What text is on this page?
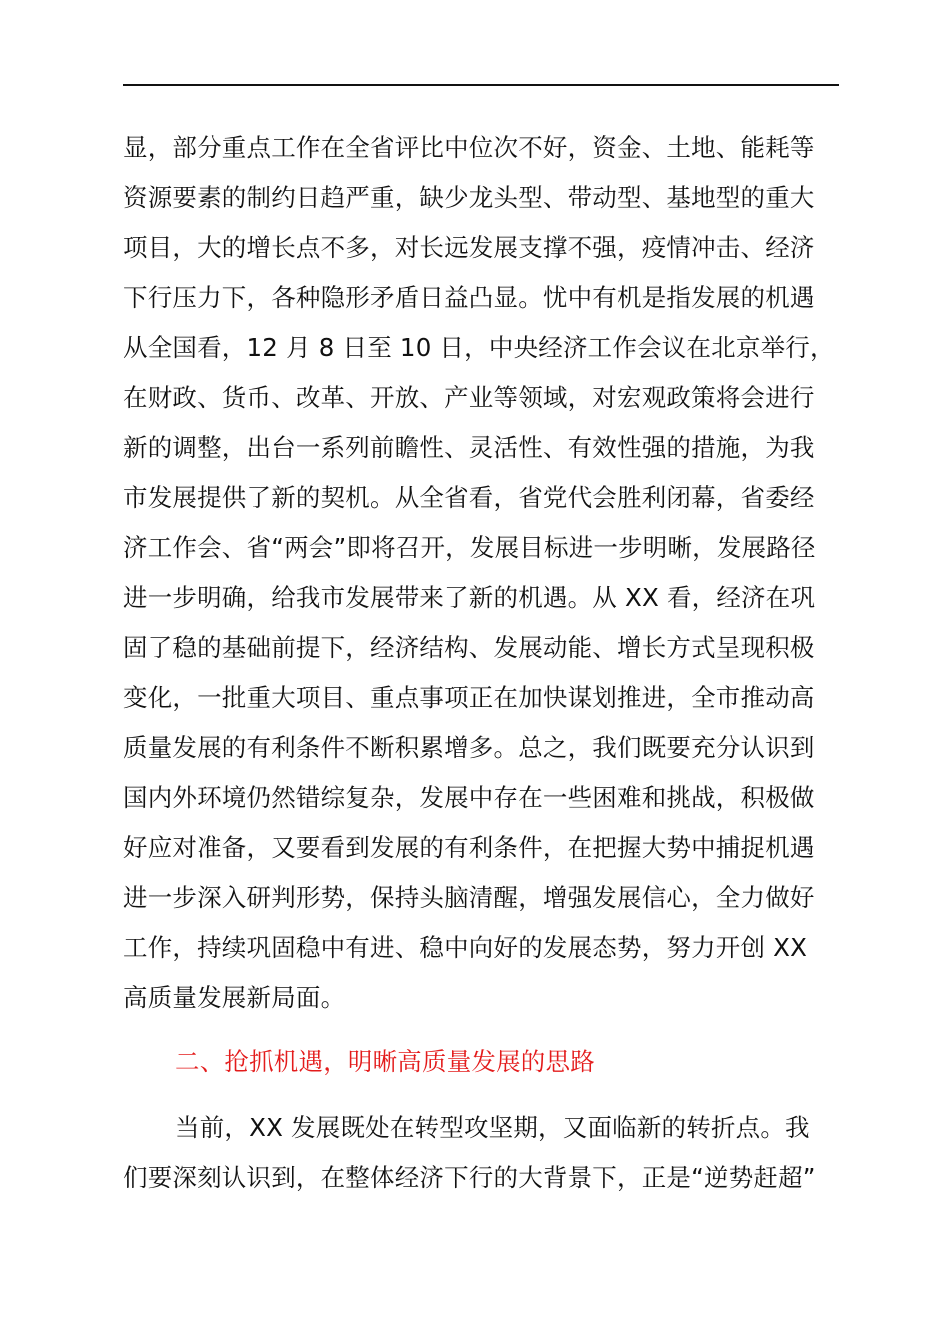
显，部分重点工作在全省评比中位次不好，资金、土地、能耗等
资源要素的制约日趋严重，缺少龙头型、带动型、基地型的重大
项目，大的增长点不多，对长远发展支撑不强，疫情冲击、经济
下行压力下，各种隐形矛盾日益凸显。忧中有机是指发展的机遇
从全国看，12 月 8 日至 10 日，中央经济工作会议在北京举行，
在财政、货币、改革、开放、产业等领域，对宏观政策将会进行
新的调整，出台一系列前瞻性、灵活性、有效性强的措施，为我
市发展提供了新的契机。从全省看，省党代会胜利闭幕，省委经
济工作会、省“两会”即将召开，发展目标进一步明晰，发展路径
进一步明确，给我市发展带来了新的机遇。从 XX 看，经济在巩
固了稳的基础前提下，经济结构、发展动能、增长方式呈现积极
变化，一批重大项目、重点事项正在加快谋划推进，全市推动高
质量发展的有利条件不断积累增多。总之，我们既要充分认识到
国内外环境仍然错综复杂，发展中存在一些困难和挑战，积极做
好应对准备，又要看到发展的有利条件，在把握大势中捕捉机遇
进一步深入研判形势，保持头脑清醒，增强发展信心，全力做好
工作，持续巩固稳中有进、稳中向好的发展态势，努力开创 XX
高质量发展新局面。
二、抢抓机遇，明晰高质量发展的思路
当前，XX 发展既处在转型攻坚期，又面临新的转折点。我
们要深刻认识到，在整体经济下行的大背景下，正是“逆势赶超”
